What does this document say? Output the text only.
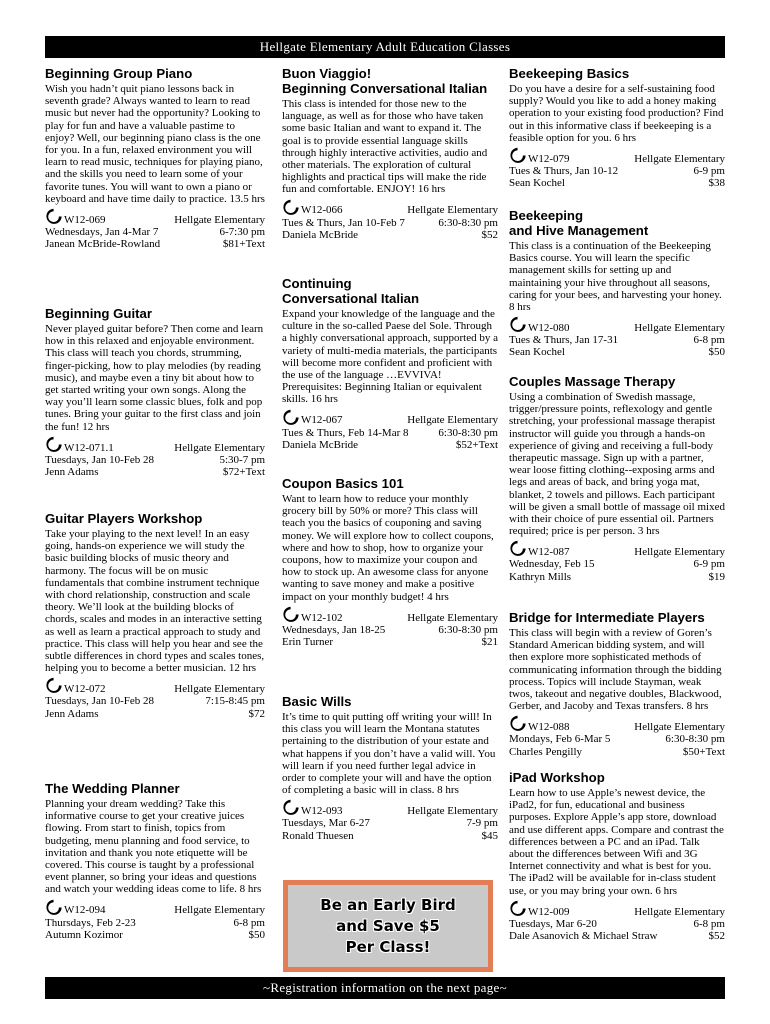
Hellgate Elementary Adult Education Classes
Beginning Group Piano
Wish you hadn’t quit piano lessons back in seventh grade? Always wanted to learn to read music but never had the opportunity? Looking to play for fun and have a valuable pastime to enjoy? Well, our beginning piano class is the one for you. In a fun, relaxed environment you will learn to read music, techniques for playing piano, and the skills you need to learn some of your favorite tunes. You will want to own a piano or keyboard and have time daily to practice. 13.5 hrs
W12-069	Hellgate Elementary
Wednesdays, Jan 4-Mar 7	6-7:30 pm
Janean McBride-Rowland	$81+Text
Beginning Guitar
Never played guitar before? Then come and learn how in this relaxed and enjoyable environment. This class will teach you chords, strumming, finger-picking, how to play melodies (by reading music), and maybe even a tiny bit about how to get started writing your own songs. Along the way you’ll learn some classic blues, folk and pop tunes. Bring your guitar to the first class and join the fun! 12 hrs
W12-071.1	Hellgate Elementary
Tuesdays, Jan 10-Feb 28	5:30-7 pm
Jenn Adams	$72+Text
Guitar Players Workshop
Take your playing to the next level! In an easy going, hands-on experience we will study the basic building blocks of music theory and harmony. The focus will be on music fundamentals that combine instrument technique with chord relationship, construction and scale theory. We’ll look at the building blocks of chords, scales and modes in an interactive setting as well as learn a practical approach to study and practice. This class will help you hear and see the subtle differences in chord types and scales tones, helping you to become a better musician. 12 hrs
W12-072	Hellgate Elementary
Tuesdays, Jan 10-Feb 28	7:15-8:45 pm
Jenn Adams	$72
The Wedding Planner
Planning your dream wedding? Take this informative course to get your creative juices flowing. From start to finish, topics from budgeting, menu planning and food service, to invitation and thank you note etiquette will be covered. This course is taught by a professional event planner, so bring your ideas and questions and watch your wedding ideas come to life. 8 hrs
W12-094	Hellgate Elementary
Thursdays, Feb 2-23	6-8 pm
Autumn Kozimor	$50
Buon Viaggio!
Beginning Conversational Italian
This class is intended for those new to the language, as well as for those who have taken some basic Italian and want to expand it. The goal is to provide essential language skills through highly interactive activities, audio and other materials. The exploration of cultural highlights and practical tips will make the ride fun and comfortable. ENJOY! 16 hrs
W12-066	Hellgate Elementary
Tues & Thurs, Jan 10-Feb 7	6:30-8:30 pm
Daniela McBride	$52
Continuing
Conversational Italian
Expand your knowledge of the language and the culture in the so-called Paese del Sole. Through a highly conversational approach, supported by a variety of multi-media materials, the participants will become more confident and proficient with the use of the language …EVVIVA! Prerequisites: Beginning Italian or equivalent skills. 16 hrs
W12-067	Hellgate Elementary
Tues & Thurs, Feb 14-Mar 8	6:30-8:30 pm
Daniela McBride	$52+Text
Coupon Basics 101
Want to learn how to reduce your monthly grocery bill by 50% or more? This class will teach you the basics of couponing and saving money. We will explore how to collect coupons, where and how to shop, how to organize your coupons, how to maximize your coupon and how to stock up. An awesome class for anyone wanting to save money and make a positive impact on your monthly budget! 4 hrs
W12-102	Hellgate Elementary
Wednesdays, Jan 18-25	6:30-8:30 pm
Erin Turner	$21
Basic Wills
It’s time to quit putting off writing your will! In this class you will learn the Montana statutes pertaining to the distribution of your estate and what happens if you don’t have a valid will. You will learn if you need further legal advice in order to complete your will and have the option of completing a basic will in class. 8 hrs
W12-093	Hellgate Elementary
Tuesdays, Mar 6-27	7-9 pm
Ronald Thuesen	$45
Beekeeping Basics
Do you have a desire for a self-sustaining food supply? Would you like to add a honey making operation to your existing food production? Find out in this informative class if beekeeping is a feasible option for you. 6 hrs
W12-079	Hellgate Elementary
Tues & Thurs, Jan 10-12	6-9 pm
Sean Kochel	$38
Beekeeping
and Hive Management
This class is a continuation of the Beekeeping Basics course. You will learn the specific management skills for setting up and maintaining your hive throughout all seasons, caring for your bees, and harvesting your honey. 8 hrs
W12-080	Hellgate Elementary
Tues & Thurs, Jan 17-31	6-8 pm
Sean Kochel	$50
Couples Massage Therapy
Using a combination of Swedish massage, trigger/pressure points, reflexology and gentle stretching, your professional massage therapist instructor will guide you through a hands-on experience of giving and receiving a full-body therapeutic massage. Sign up with a partner, wear loose fitting clothing--exposing arms and legs and areas of back, and bring yoga mat, blanket, 2 towels and pillows. Each participant will be given a small bottle of massage oil mixed with their choice of pure essential oil. Partners required; price is per person. 3 hrs
W12-087	Hellgate Elementary
Wednesday, Feb 15	6-9 pm
Kathryn Mills	$19
Bridge for Intermediate Players
This class will begin with a review of Goren’s Standard American bidding system, and will then explore more sophisticated methods of communicating information through the bidding process. Topics will include Stayman, weak twos, takeout and negative doubles, Blackwood, Gerber, and Jacoby and Texas transfers. 8 hrs
W12-088	Hellgate Elementary
Mondays, Feb 6-Mar 5	6:30-8:30 pm
Charles Pengilly	$50+Text
iPad Workshop
Learn how to use Apple’s newest device, the iPad2, for fun, educational and business purposes. Explore Apple’s app store, download and use different apps. Compare and contrast the differences between a PC and an iPad. Talk about the differences between Wifi and 3G Internet connectivity and what is best for you. The iPad2 will be available for in-class student use, or you may bring your own. 6 hrs
W12-009	Hellgate Elementary
Tuesdays, Mar 6-20	6-8 pm
Dale Asanovich & Michael Straw	$52
Be an Early Bird
and Save $5
Per Class!
~Registration information on the next page~
